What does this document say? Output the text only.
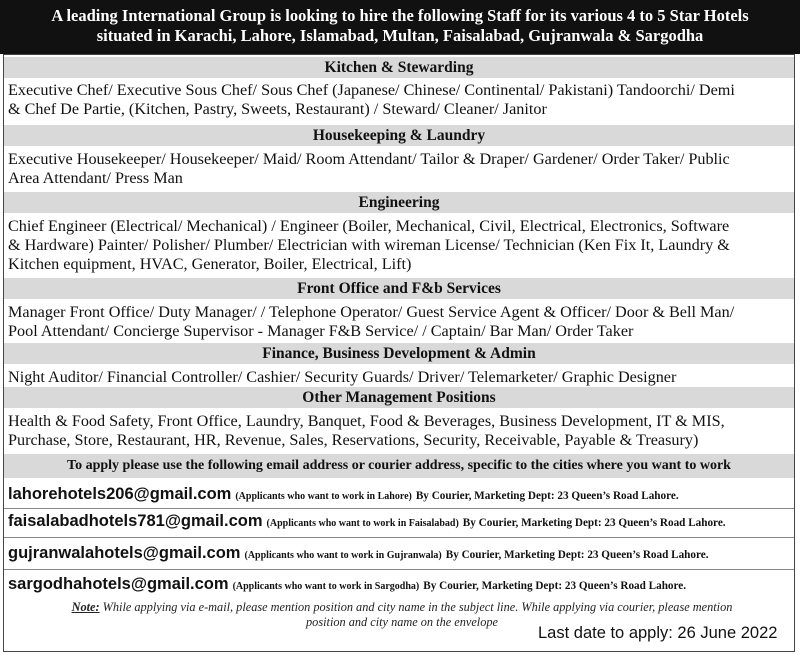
A leading International Group is looking to hire the following Staff for its various 4 to 5 Star Hotels
situated in Karachi, Lahore, Islamabad, Multan, Faisalabad, Gujranwala & Sargodha
Kitchen & Stewarding
Executive Chef/ Executive Sous Chef/ Sous Chef (Japanese/ Chinese/ Continental/ Pakistani) Tandoorchi/ Demi
& Chef De Partie, (Kitchen, Pastry, Sweets, Restaurant) / Steward/ Cleaner/ Janitor
Housekeeping & Laundry
Executive Housekeeper/ Housekeeper/ Maid/ Room Attendant/ Tailor & Draper/ Gardener/ Order Taker/ Public
Area Attendant/ Press Man
Engineering
Chief Engineer (Electrical/ Mechanical) / Engineer (Boiler, Mechanical, Civil, Electrical, Electronics, Software
& Hardware) Painter/ Polisher/ Plumber/ Electrician with wireman License/ Technician (Ken Fix It, Laundry &
Kitchen equipment, HVAC, Generator, Boiler, Electrical, Lift)
Front Office and F&b Services
Manager Front Office/ Duty Manager/ / Telephone Operator/ Guest Service Agent & Officer/ Door & Bell Man/
Pool Attendant/ Concierge Supervisor - Manager F&B Service/ / Captain/ Bar Man/ Order Taker
Finance, Business Development & Admin
Night Auditor/ Financial Controller/ Cashier/ Security Guards/ Driver/ Telemarketer/ Graphic Designer
Other Management Positions
Health & Food Safety, Front Office, Laundry, Banquet, Food & Beverages, Business Development, IT & MIS,
Purchase, Store, Restaurant, HR, Revenue, Sales, Reservations, Security, Receivable, Payable & Treasury)
To apply please use the following email address or courier address, specific to the cities where you want to work
lahorehotels206@gmail.com (Applicants who want to work in Lahore) By Courier, Marketing Dept: 23 Queen’s Road Lahore.
faisalabadhotels781@gmail.com (Applicants who want to work in Faisalabad) By Courier, Marketing Dept: 23 Queen’s Road Lahore.
gujranwalahotels@gmail.com (Applicants who want to work in Gujranwala) By Courier, Marketing Dept: 23 Queen’s Road Lahore.
sargodhahotels@gmail.com (Applicants who want to work in Sargodha) By Courier, Marketing Dept: 23 Queen’s Road Lahore.
Note: While applying via e-mail, please mention position and city name in the subject line. While applying via courier, please mention
position and city name on the envelope
Last date to apply: 26 June 2022
